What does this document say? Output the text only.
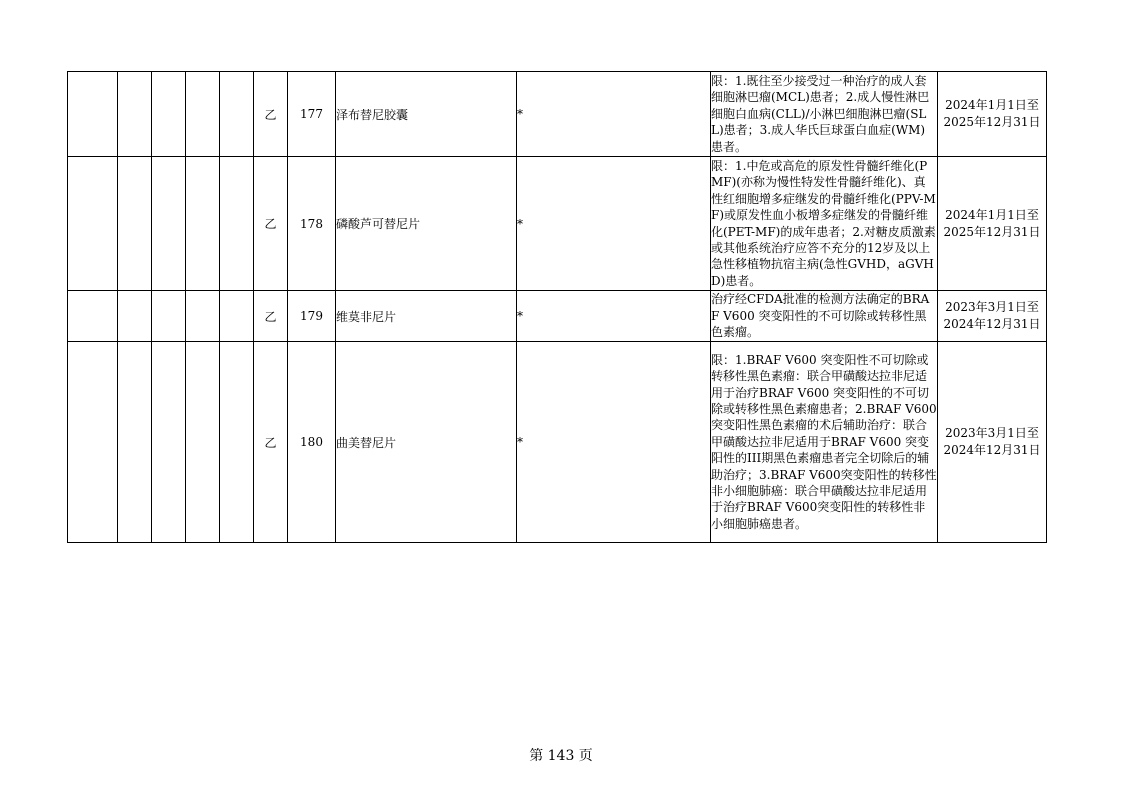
					乙	177	泽布替尼胶囊	*	限：1.既往至少接受过一种治疗的成人套细胞淋巴瘤(MCL)患者；2.成人慢性淋巴细胞白血病(CLL)/小淋巴细胞淋巴瘤(SLL)患者；3.成人华氏巨球蛋白血症(WM)患者。	2024年1月1日至
2025年12月31日

					乙	178	磷酸芦可替尼片	*	限：1.中危或高危的原发性骨髓纤维化(PMF)(亦称为慢性特发性骨髓纤维化)、真性红细胞增多症继发的骨髓纤维化(PPV-MF)或原发性血小板增多症继发的骨髓纤维化(PET-MF)的成年患者；2.对糖皮质激素或其他系统治疗应答不充分的12岁及以上急性移植物抗宿主病(急性GVHD，aGVHD)患者。	2024年1月1日至
2025年12月31日

					乙	179	维莫非尼片	*	治疗经CFDA批准的检测方法确定的BRAF V600 突变阳性的不可切除或转移性黑色素瘤。	2023年3月1日至
2024年12月31日

					乙	180	曲美替尼片	*	限：1.BRAF V600 突变阳性不可切除或转移性黑色素瘤：联合甲磺酸达拉非尼适用于治疗BRAF V600 突变阳性的不可切除或转移性黑色素瘤患者；2.BRAF V600 突变阳性黑色素瘤的术后辅助治疗：联合甲磺酸达拉非尼适用于BRAF V600 突变阳性的III期黑色素瘤患者完全切除后的辅助治疗；3.BRAF V600突变阳性的转移性非小细胞肺癌：联合甲磺酸达拉非尼适用于治疗BRAF V600突变阳性的转移性非小细胞肺癌患者。	2023年3月1日至
2024年12月31日
第 143 页
